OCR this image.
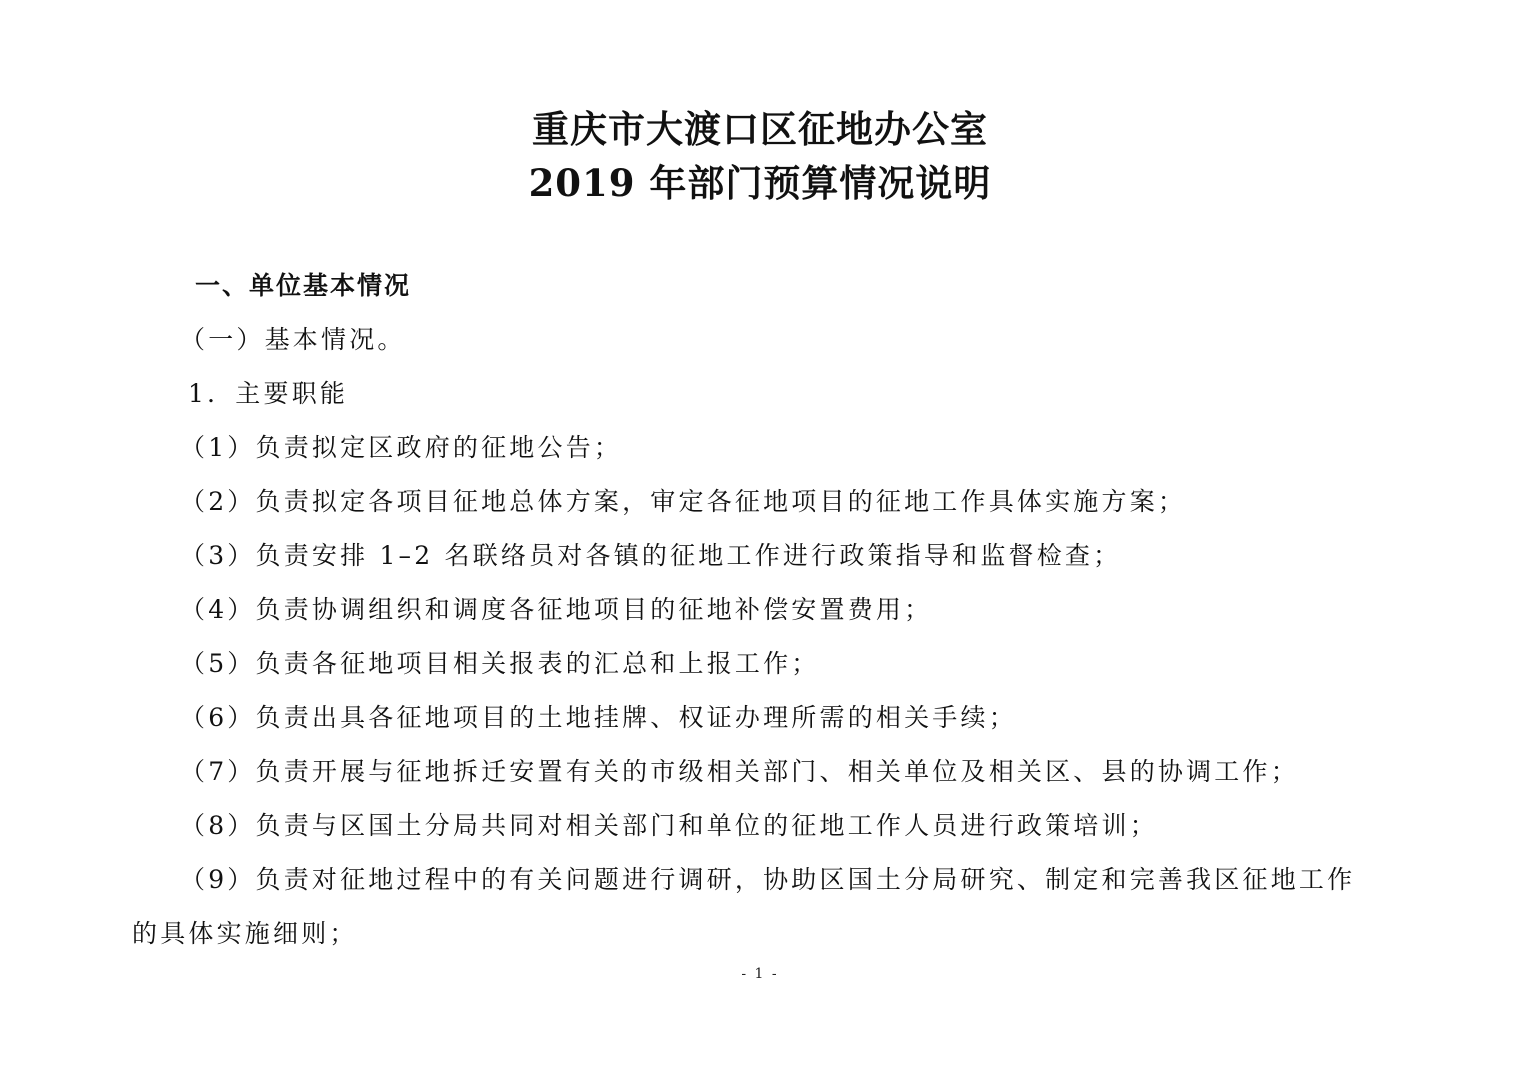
重庆市大渡口区征地办公室
2019 年部门预算情况说明
一、单位基本情况
（一）基本情况。
1．主要职能
（1）负责拟定区政府的征地公告；
（2）负责拟定各项目征地总体方案，审定各征地项目的征地工作具体实施方案；
（3）负责安排 1–2 名联络员对各镇的征地工作进行政策指导和监督检查；
（4）负责协调组织和调度各征地项目的征地补偿安置费用；
（5）负责各征地项目相关报表的汇总和上报工作；
（6）负责出具各征地项目的土地挂牌、权证办理所需的相关手续；
（7）负责开展与征地拆迁安置有关的市级相关部门、相关单位及相关区、县的协调工作；
（8）负责与区国土分局共同对相关部门和单位的征地工作人员进行政策培训；
（9）负责对征地过程中的有关问题进行调研，协助区国土分局研究、制定和完善我区征地工作
的具体实施细则；
- 1 -
